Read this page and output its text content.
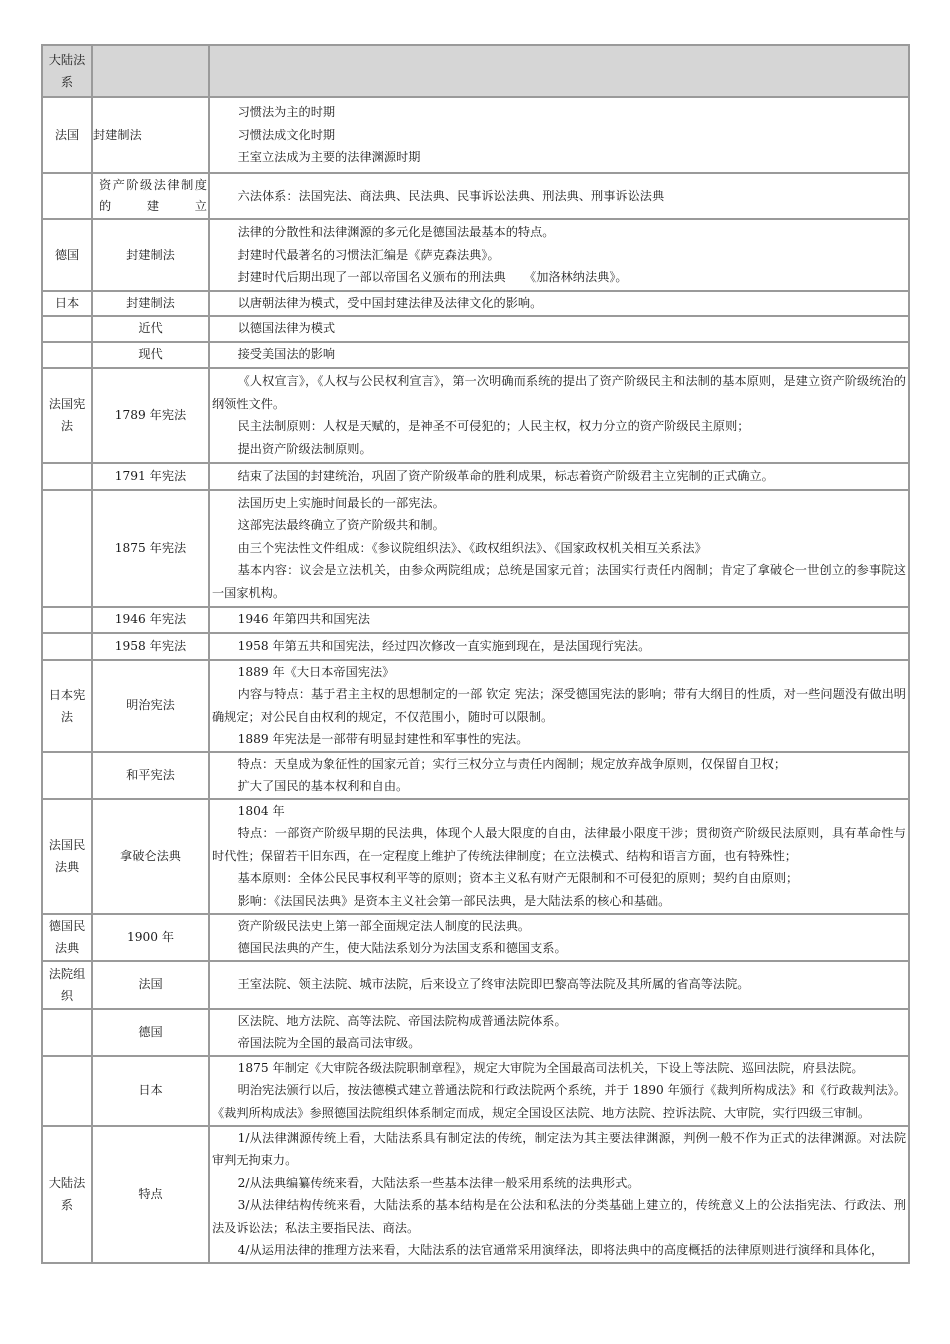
大陆法系		
法国	封建制法	习惯法为主的时期

习惯法成文化时期

王室立法成为主要的法律渊源时期

	资产阶级法律制度的建立	六法体系：法国宪法、商法典、民法典、民事诉讼法典、刑法典、刑事诉讼法典

德国	封建制法	法律的分散性和法律渊源的多元化是德国法最基本的特点。

封建时代最著名的习惯法汇编是《萨克森法典》。

封建时代后期出现了一部以帝国名义颁布的刑法典　　《加洛林纳法典》。

日本	封建制法	以唐朝法律为模式，受中国封建法律及法律文化的影响。

	近代	以德国法律为模式

	现代	接受美国法的影响

法国宪法	1789 年宪法	《人权宣言》，《人权与公民权利宣言》，第一次明确而系统的提出了资产阶级民主和法制的基本原则，是建立资产阶级统治的纲领性文件。

民主法制原则：人权是天赋的，是神圣不可侵犯的；人民主权，权力分立的资产阶级民主原则；

提出资产阶级法制原则。

	1791 年宪法	结束了法国的封建统治，巩固了资产阶级革命的胜利成果，标志着资产阶级君主立宪制的正式确立。

	1875 年宪法	法国历史上实施时间最长的一部宪法。

这部宪法最终确立了资产阶级共和制。

由三个宪法性文件组成：《参议院组织法》、《政权组织法》、《国家政权机关相互关系法》

基本内容：议会是立法机关，由参众两院组成；总统是国家元首；法国实行责任内阁制；肯定了拿破仑一世创立的参事院这一国家机构。

	1946 年宪法	1946 年第四共和国宪法

	1958 年宪法	1958 年第五共和国宪法，经过四次修改一直实施到现在，是法国现行宪法。

日本宪法	明治宪法	1889 年《大日本帝国宪法》

内容与特点：基于君主主权的思想制定的一部 钦定 宪法；深受德国宪法的影响；带有大纲目的性质，对一些问题没有做出明确规定；对公民自由权利的规定，不仅范围小，随时可以限制。

1889 年宪法是一部带有明显封建性和军事性的宪法。

	和平宪法	特点：天皇成为象征性的国家元首；实行三权分立与责任内阁制；规定放弃战争原则，仅保留自卫权；

扩大了国民的基本权利和自由。

法国民法典	拿破仑法典	1804 年

特点：一部资产阶级早期的民法典，体现个人最大限度的自由，法律最小限度干涉；贯彻资产阶级民法原则，具有革命性与时代性；保留若干旧东西，在一定程度上维护了传统法律制度；在立法模式、结构和语言方面，也有特殊性；

基本原则：全体公民民事权利平等的原则；资本主义私有财产无限制和不可侵犯的原则；契约自由原则；

影响：《法国民法典》是资本主义社会第一部民法典，是大陆法系的核心和基础。

德国民法典	1900 年	资产阶级民法史上第一部全面规定法人制度的民法典。

德国民法典的产生，使大陆法系划分为法国支系和德国支系。

法院组织	法国	王室法院、领主法院、城市法院，后来设立了终审法院即巴黎高等法院及其所属的省高等法院。

	德国	区法院、地方法院、高等法院、帝国法院构成普通法院体系。

帝国法院为全国的最高司法审级。

	日本	1875 年制定《大审院各级法院职制章程》，规定大审院为全国最高司法机关，下设上等法院、巡回法院，府县法院。

明治宪法颁行以后，按法德模式建立普通法院和行政法院两个系统，并于 1890 年颁行《裁判所构成法》和《行政裁判法》。《裁判所构成法》参照德国法院组织体系制定而成，规定全国设区法院、地方法院、控诉法院、大审院，实行四级三审制。

大陆法系	特点	1/从法律渊源传统上看，大陆法系具有制定法的传统，制定法为其主要法律渊源，判例一般不作为正式的法律渊源。对法院审判无拘束力。

2/从法典编纂传统来看，大陆法系一些基本法律一般采用系统的法典形式。

3/从法律结构传统来看，大陆法系的基本结构是在公法和私法的分类基础上建立的，传统意义上的公法指宪法、行政法、刑法及诉讼法；私法主要指民法、商法。

4/从运用法律的推理方法来看，大陆法系的法官通常采用演绎法，即将法典中的高度概括的法律原则进行演绎和具体化，
